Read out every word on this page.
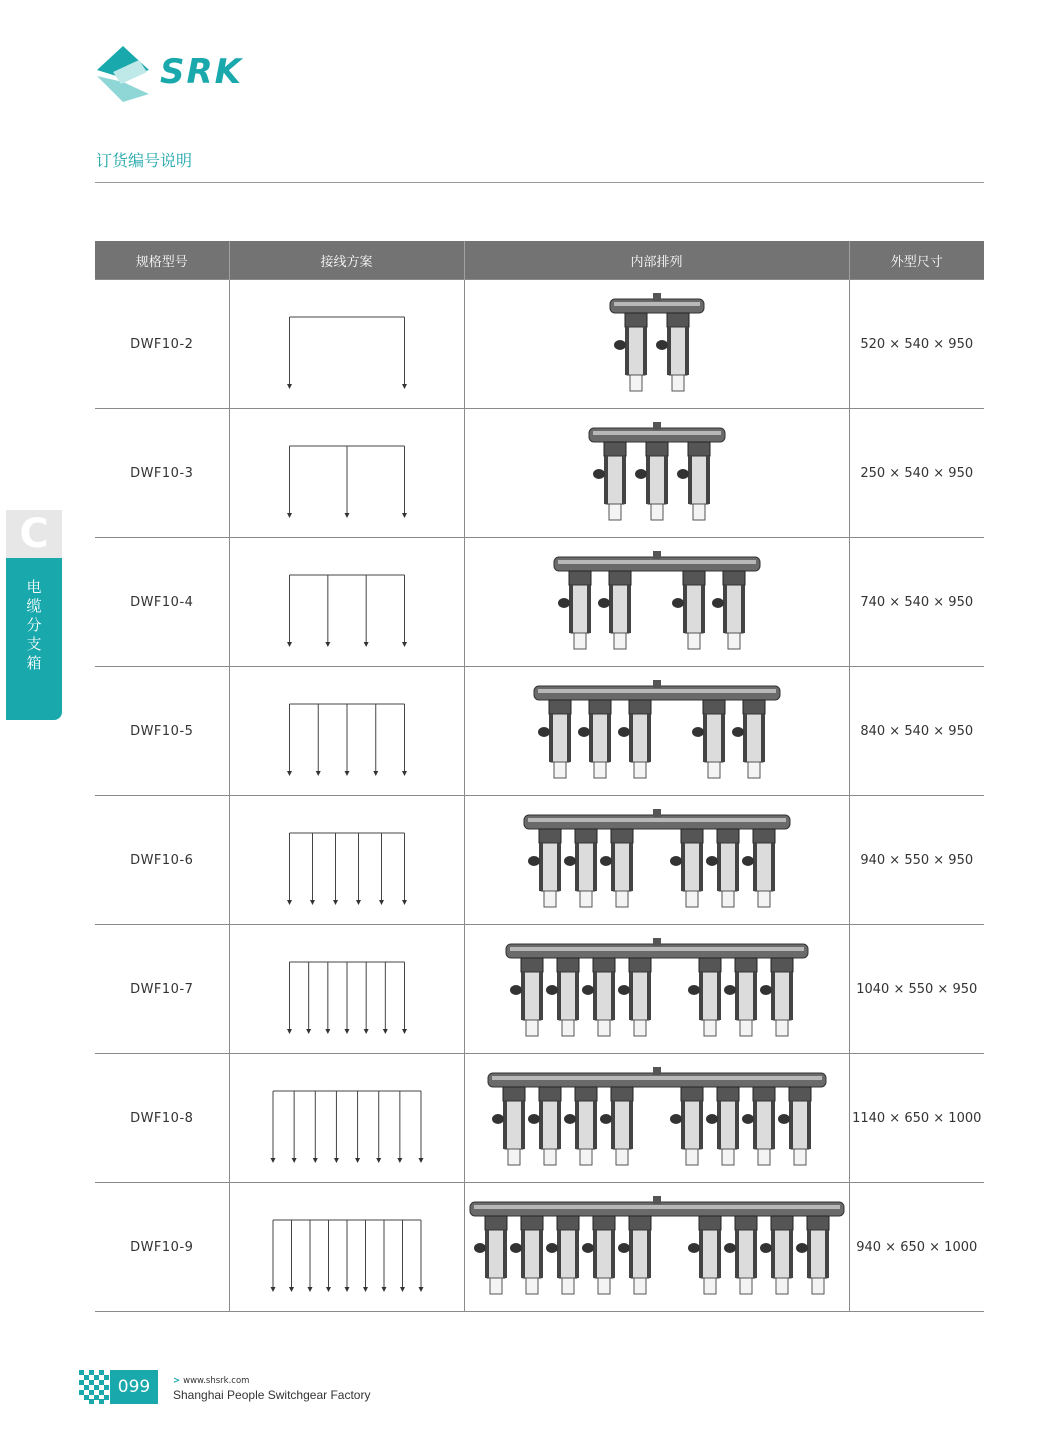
SRK
订货编号说明
C
电
缆
分
支
箱
规格型号	接线方案	内部排列	外型尺寸
DWF10-2			520 × 540 × 950
DWF10-3			250 × 540 × 950
DWF10-4			740 × 540 × 950
DWF10-5			840 × 540 × 950
DWF10-6			940 × 550 × 950
DWF10-7			1040 × 550 × 950
DWF10-8			1140 × 650 × 1000
DWF10-9			940 × 650 × 1000
099	> www.shsrk.com
Shanghai People Switchgear Factory
